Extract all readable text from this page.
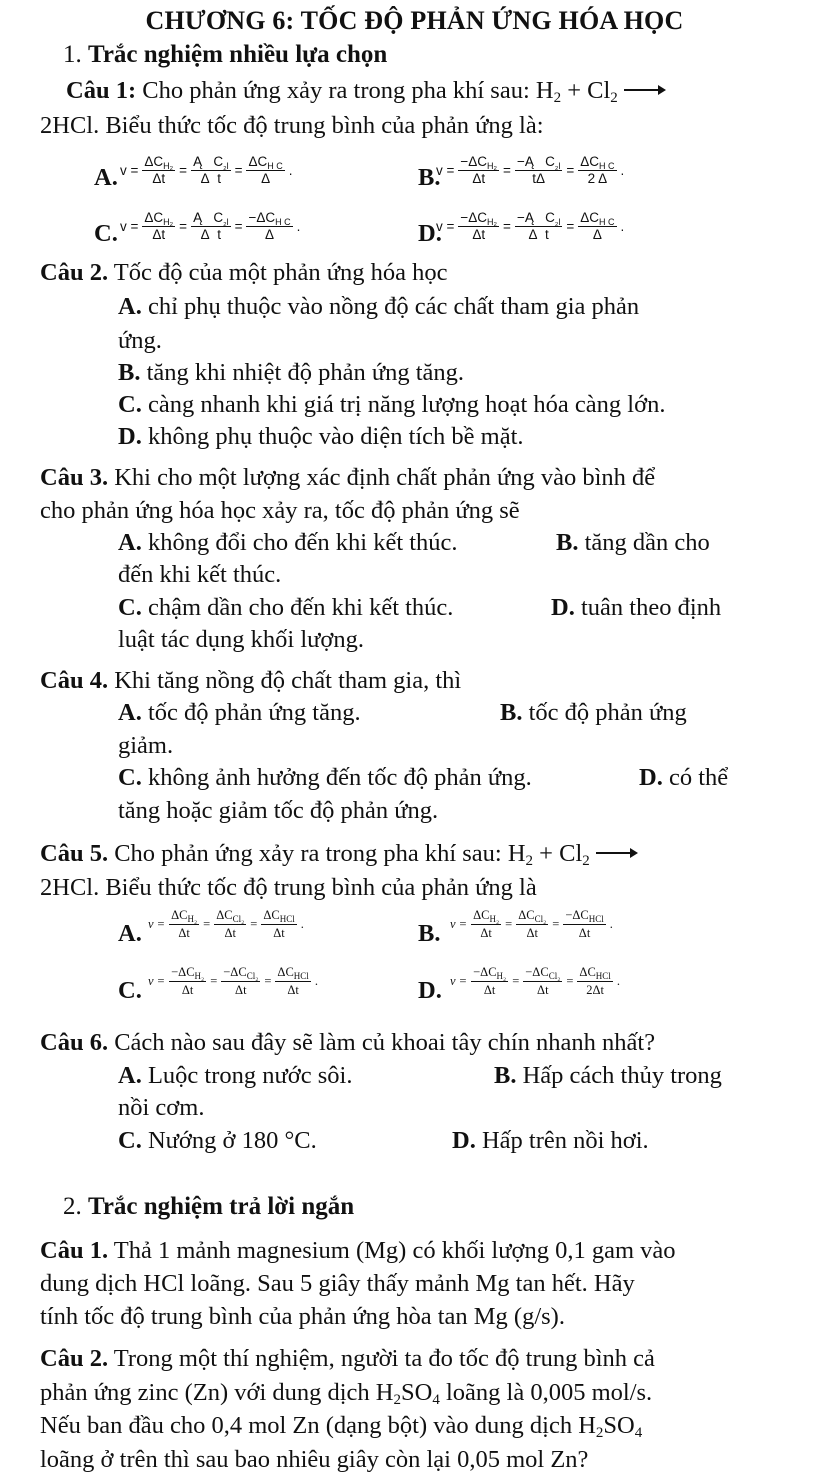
CHƯƠNG 6: TỐC ĐỘ PHẢN ỨNG HÓA HỌC
1. Trắc nghiệm nhiều lựa chọn
Câu 1: Cho phản ứng xảy ra trong pha khí sau: $H_2 + Cl_2$ →
2HCl. Biểu thức tốc độ trung bình của phản ứng là:
A. $v = \frac{\Delta C_{H_2}}{\Delta t} = \frac{Ą C_{_2l}}{\text{Δ  t}} = \frac{\Delta C_{H C}}{\Delta}$ .	B.
$v = \frac{-\Delta C_{H_2}}{\Delta t} = \frac{-Ą C_{_2l}}{t\Delta} = \frac{\Delta C_{H C}}{2 \Delta}$ .
C. $v = \frac{\Delta C_{H_2}}{\Delta t} = \frac{Ą C_{_2l}}{\text{Δ  t}} = \frac{-\Delta C_{H C}}{\Delta}$ .	D.
$v = \frac{-\Delta C_{H_2}}{\Delta t} = \frac{-Ą C_{_2l}}{\text{Δ  t}} = \frac{\Delta C_{H C}}{\Delta}$ .
Câu 2. Tốc độ của một phản ứng hóa học
A. chỉ phụ thuộc vào nồng độ các chất tham gia phản
ứng.
B. tăng khi nhiệt độ phản ứng tăng.
C. càng nhanh khi giá trị năng lượng hoạt hóa càng lớn.
D. không phụ thuộc vào diện tích bề mặt.
Câu 3. Khi cho một lượng xác định chất phản ứng vào bình để
cho phản ứng hóa học xảy ra, tốc độ phản ứng sẽ
A. không đổi cho đến khi kết thúc.	B. tăng dần cho
đến khi kết thúc.
C. chậm dần cho đến khi kết thúc.	D. tuân theo định
luật tác dụng khối lượng.
Câu 4. Khi tăng nồng độ chất tham gia, thì
A. tốc độ phản ứng tăng.	B. tốc độ phản ứng
giảm.
C. không ảnh hưởng đến tốc độ phản ứng.	D. có thể
tăng hoặc giảm tốc độ phản ứng.
Câu 5. Cho phản ứng xảy ra trong pha khí sau: $H_2 + Cl_2$ →
2HCl. Biểu thức tốc độ trung bình của phản ứng là
A. $v = \frac{\Delta C_{H_2}}{\Delta t} = \frac{\Delta C_{Cl_2}}{\Delta t} = \frac{\Delta C_{HCl}}{\Delta t}$ .	B. $v = \frac{\Delta C_{H_2}}{\Delta t} = \frac{\Delta C_{Cl_2}}{\Delta t} = \frac{-\Delta C_{HCl}}{\Delta t}$ .
C. $v = \frac{-\Delta C_{H_2}}{\Delta t} = \frac{-\Delta C_{Cl_2}}{\Delta t} = \frac{\Delta C_{HCl}}{\Delta t}$ .	D. $v = \frac{-\Delta C_{H_2}}{\Delta t} = \frac{-\Delta C_{Cl_2}}{\Delta t} = \frac{\Delta C_{HCl}}{2\Delta t}$ .
Câu 6. Cách nào sau đây sẽ làm củ khoai tây chín nhanh nhất?
A. Luộc trong nước sôi.	B. Hấp cách thủy trong
nồi cơm.
C. Nướng ở 180 °C.	D. Hấp trên nồi hơi.
2. Trắc nghiệm trả lời ngắn
Câu 1. Thả 1 mảnh magnesium (Mg) có khối lượng 0,1 gam vào
dung dịch HCl loãng. Sau 5 giây thấy mảnh Mg tan hết. Hãy
tính tốc độ trung bình của phản ứng hòa tan Mg (g/s).
Câu 2. Trong một thí nghiệm, người ta đo tốc độ trung bình cả
phản ứng zinc (Zn) với dung dịch $H_2SO_4$ loãng là 0,005 mol/s.
Nếu ban đầu cho 0,4 mol Zn (dạng bột) vào dung dịch $H_2SO_4$
loãng ở trên thì sau bao nhiêu giây còn lại 0,05 mol Zn?
